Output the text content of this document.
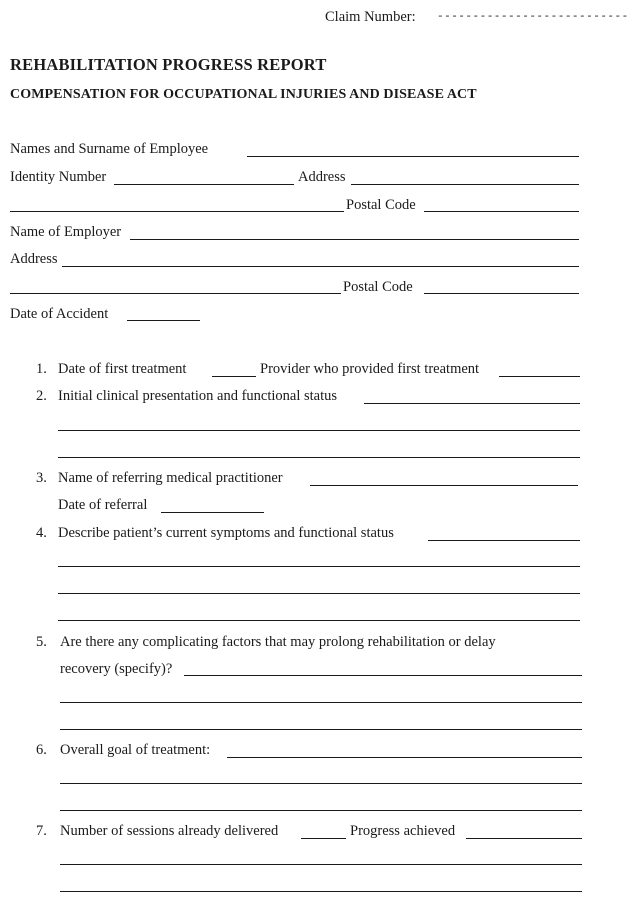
Claim Number: ---------------------------
REHABILITATION PROGRESS REPORT
COMPENSATION FOR OCCUPATIONAL INJURIES AND DISEASE ACT
Names and Surname of Employee
Identity Number	Address
Postal Code
Name of Employer
Address
Postal Code
Date of Accident
1. Date of first treatment	Provider who provided first treatment
2. Initial clinical presentation and functional status
3. Name of referring medical practitioner
Date of referral
4. Describe patient’s current symptoms and functional status
5. Are there any complicating factors that may prolong rehabilitation or delay
recovery (specify)?
6. Overall goal of treatment:
7. Number of sessions already delivered	Progress achieved
